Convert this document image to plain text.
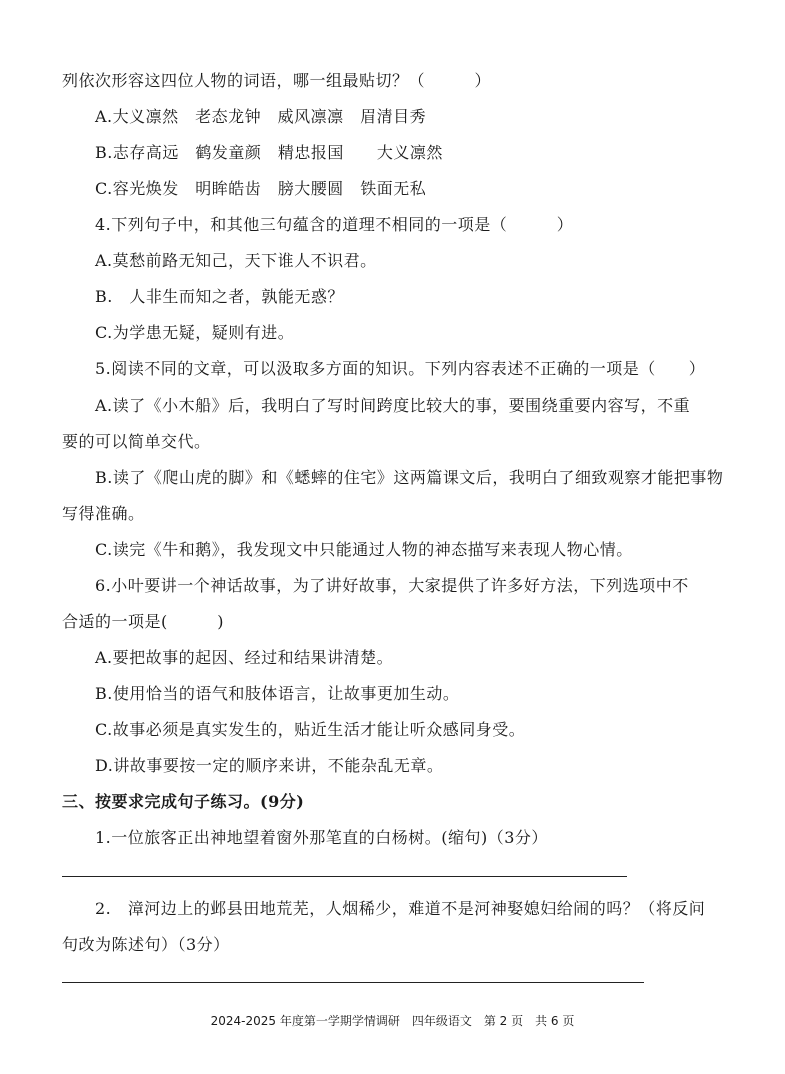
列依次形容这四位人物的词语，哪一组最贴切？（　　　）
A.大义凛然　老态龙钟　威风凛凛　眉清目秀
B.志存高远　鹤发童颜　精忠报国　　大义凛然
C.容光焕发　明眸皓齿　膀大腰圆　铁面无私
4.下列句子中，和其他三句蕴含的道理不相同的一项是（　　　）
A.莫愁前路无知己，天下谁人不识君。
B.　人非生而知之者，孰能无惑？
C.为学患无疑，疑则有进。
5.阅读不同的文章，可以汲取多方面的知识。下列内容表述不正确的一项是（　　）
A.读了《小木船》后，我明白了写时间跨度比较大的事，要围绕重要内容写，不重
要的可以简单交代。
B.读了《爬山虎的脚》和《蟋蟀的住宅》这两篇课文后，我明白了细致观察才能把事物
写得准确。
C.读完《牛和鹅》，我发现文中只能通过人物的神态描写来表现人物心情。
6.小叶要讲一个神话故事，为了讲好故事，大家提供了许多好方法，下列选项中不
合适的一项是(　　　)
A.要把故事的起因、经过和结果讲清楚。
B.使用恰当的语气和肢体语言，让故事更加生动。
C.故事必须是真实发生的，贴近生活才能让听众感同身受。
D.讲故事要按一定的顺序来讲，不能杂乱无章。
三、按要求完成句子练习。(9分)
1.一位旅客正出神地望着窗外那笔直的白杨树。(缩句)（3分）
2.　漳河边上的邺县田地荒芜，人烟稀少，难道不是河神娶媳妇给闹的吗？（将反问
句改为陈述句）（3分）
2024-2025 年度第一学期学情调研　四年级语文　第 2 页　共 6 页
